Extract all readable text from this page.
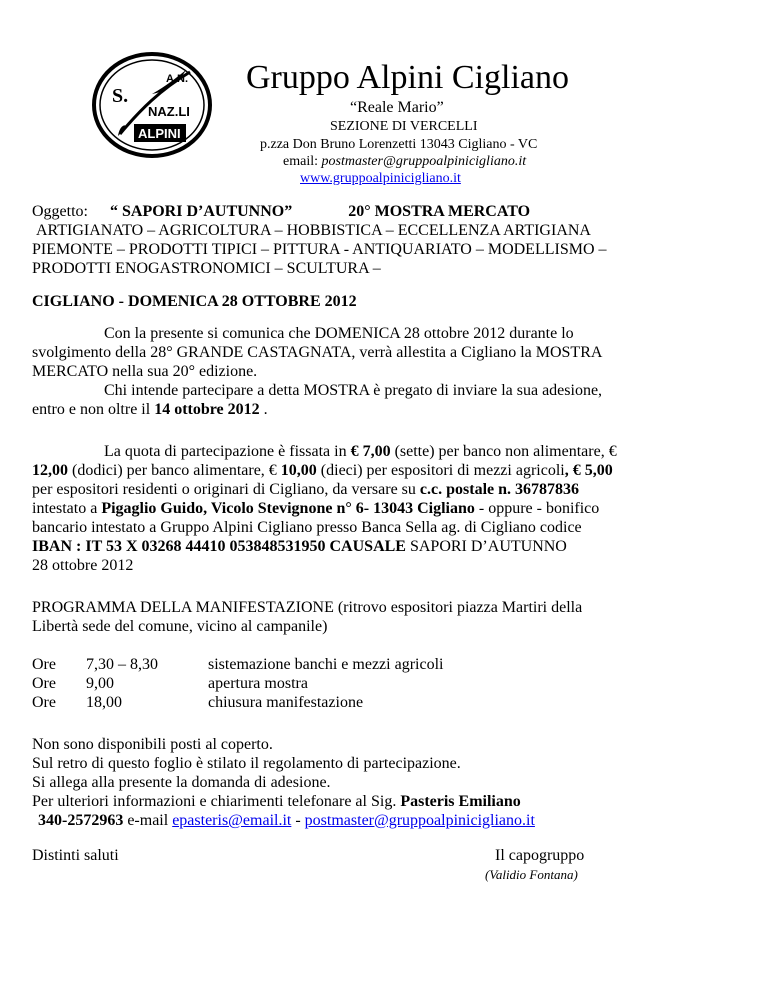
S.
A.N.
NAZ.LI
ALPINI
Gruppo Alpini Cigliano
“Reale Mario”
SEZIONE DI VERCELLI
p.zza Don Bruno Lorenzetti 13043 Cigliano - VC
email: postmaster@gruppoalpinicigliano.it
www.gruppoalpinicigliano.it
Oggetto: “ SAPORI D’AUTUNNO”	20° MOSTRA MERCATO
ARTIGIANATO – AGRICOLTURA – HOBBISTICA – ECCELLENZA ARTIGIANA
PIEMONTE – PRODOTTI TIPICI – PITTURA - ANTIQUARIATO – MODELLISMO –
PRODOTTI ENOGASTRONOMICI – SCULTURA –
CIGLIANO - DOMENICA 28 OTTOBRE 2012
Con la presente si comunica che DOMENICA 28 ottobre 2012 durante lo
svolgimento della 28° GRANDE CASTAGNATA, verrà allestita a Cigliano la MOSTRA
MERCATO nella sua 20° edizione.
Chi intende partecipare a detta MOSTRA è pregato di inviare la sua adesione,
entro e non oltre il 14 ottobre 2012 .
La quota di partecipazione è fissata in € 7,00 (sette) per banco non alimentare, €
12,00 (dodici) per banco alimentare, € 10,00 (dieci) per espositori di mezzi agricoli, € 5,00
per espositori residenti o originari di Cigliano, da versare su c.c. postale n. 36787836
intestato a Pigaglio Guido, Vicolo Stevignone n° 6- 13043 Cigliano - oppure - bonifico
bancario intestato a Gruppo Alpini Cigliano presso Banca Sella ag. di Cigliano codice
IBAN : IT 53 X 03268 44410 053848531950 CAUSALE SAPORI D’AUTUNNO
28 ottobre 2012
PROGRAMMA DELLA MANIFESTAZIONE (ritrovo espositori piazza Martiri della
Libertà sede del comune, vicino al campanile)
Ore 7,30 – 8,30	sistemazione banchi e mezzi agricoli
Ore 9,00	apertura mostra
Ore 18,00	chiusura manifestazione
Non sono disponibili posti al coperto.
Sul retro di questo foglio è stilato il regolamento di partecipazione.
Si allega alla presente la domanda di adesione.
Per ulteriori informazioni e chiarimenti telefonare al Sig. Pasteris Emiliano
340-2572963 e-mail epasteris@email.it - postmaster@gruppoalpinicigliano.it
Distinti saluti	Il capogruppo
(Validio Fontana)
